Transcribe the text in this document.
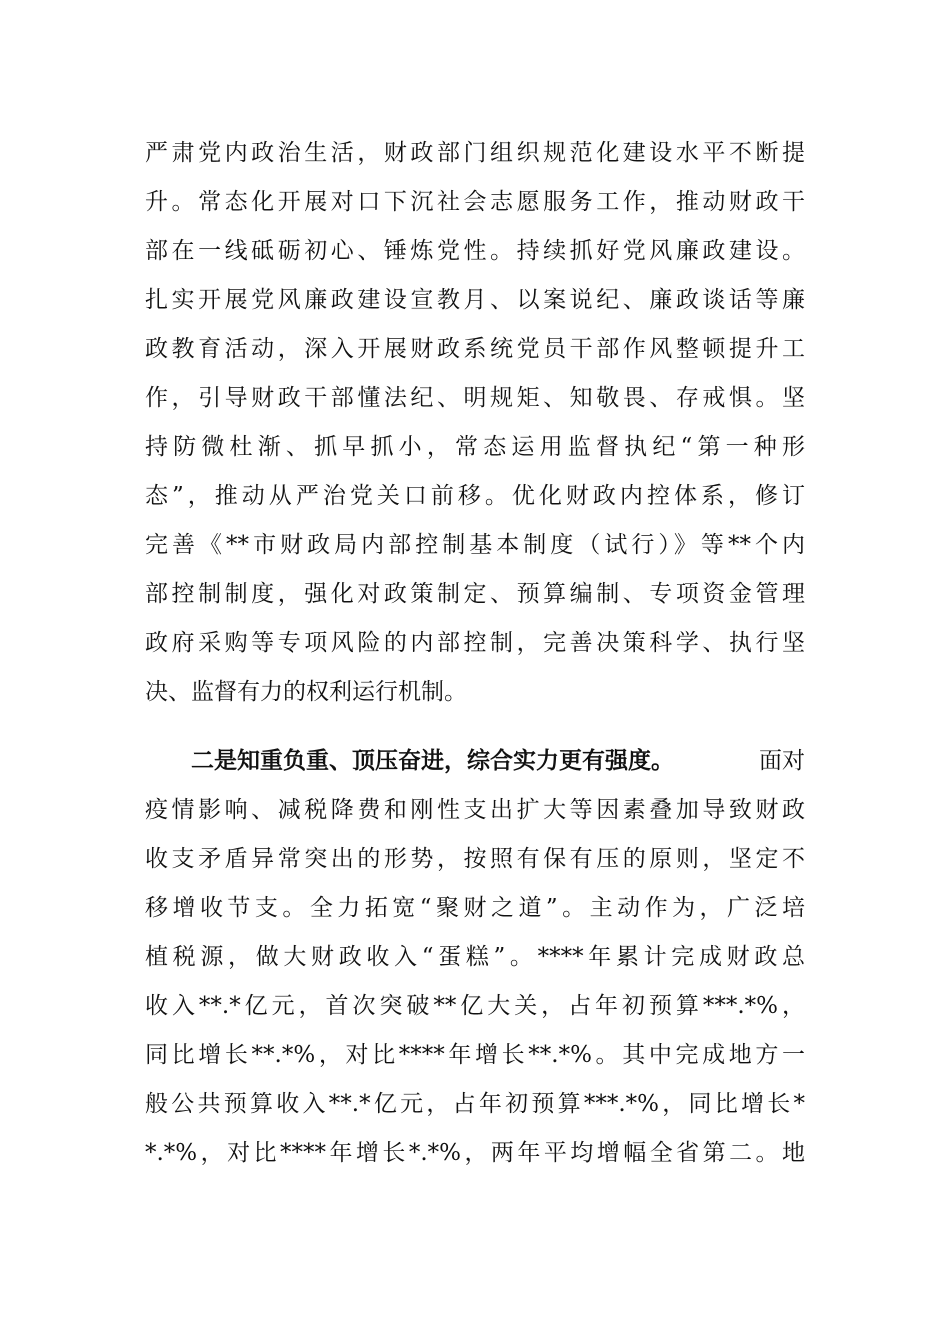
严肃党内政治生活，财政部门组织规范化建设水平不断提
升。常态化开展对口下沉社会志愿服务工作，推动财政干
部在一线砥砺初心、锤炼党性。持续抓好党风廉政建设。
扎实开展党风廉政建设宣教月、以案说纪、廉政谈话等廉
政教育活动，深入开展财政系统党员干部作风整顿提升工
作，引导财政干部懂法纪、明规矩、知敬畏、存戒惧。坚
持防微杜渐、抓早抓小，常态运用监督执纪“第一种形
态”，推动从严治党关口前移。优化财政内控体系，修订
完善《**市财政局内部控制基本制度（试行）》等**个内
部控制制度，强化对政策制定、预算编制、专项资金管理
政府采购等专项风险的内部控制，完善决策科学、执行坚
决、监督有力的权利运行机制。
二是知重负重、顶压奋进，综合实力更有强度。	面对
疫情影响、减税降费和刚性支出扩大等因素叠加导致财政
收支矛盾异常突出的形势，按照有保有压的原则，坚定不
移增收节支。全力拓宽“聚财之道”。主动作为，广泛培
植税源，做大财政收入“蛋糕”。****年累计完成财政总
收入**.*亿元，首次突破**亿大关，占年初预算***.*%，
同比增长**.*%，对比****年增长**.*%。其中完成地方一
般公共预算收入**.*亿元，占年初预算***.*%，同比增长*
*.*%，对比****年增长*.*%，两年平均增幅全省第二。地
